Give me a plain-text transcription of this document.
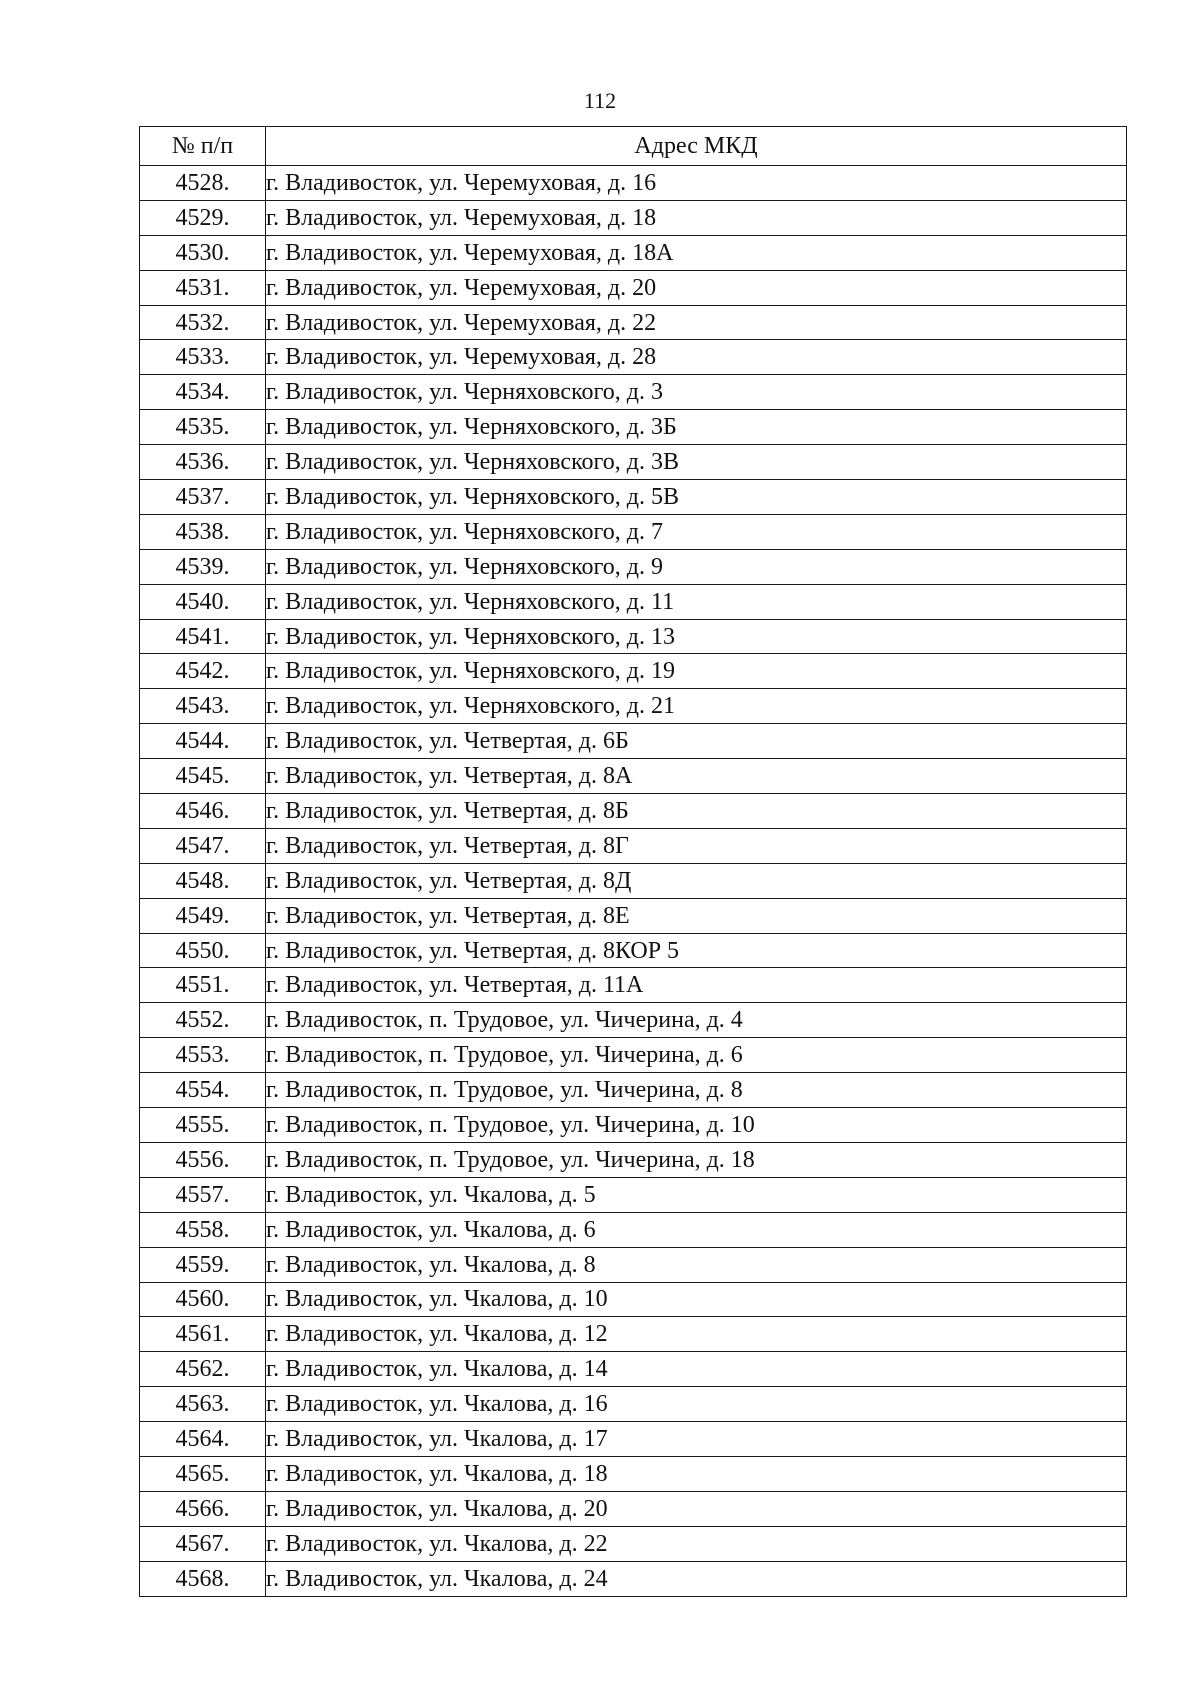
112
№ п/п	Адрес МКД
4528.	г. Владивосток, ул. Черемуховая, д. 16
4529.	г. Владивосток, ул. Черемуховая, д. 18
4530.	г. Владивосток, ул. Черемуховая, д. 18А
4531.	г. Владивосток, ул. Черемуховая, д. 20
4532.	г. Владивосток, ул. Черемуховая, д. 22
4533.	г. Владивосток, ул. Черемуховая, д. 28
4534.	г. Владивосток, ул. Черняховского, д. 3
4535.	г. Владивосток, ул. Черняховского, д. 3Б
4536.	г. Владивосток, ул. Черняховского, д. 3В
4537.	г. Владивосток, ул. Черняховского, д. 5В
4538.	г. Владивосток, ул. Черняховского, д. 7
4539.	г. Владивосток, ул. Черняховского, д. 9
4540.	г. Владивосток, ул. Черняховского, д. 11
4541.	г. Владивосток, ул. Черняховского, д. 13
4542.	г. Владивосток, ул. Черняховского, д. 19
4543.	г. Владивосток, ул. Черняховского, д. 21
4544.	г. Владивосток, ул. Четвертая, д. 6Б
4545.	г. Владивосток, ул. Четвертая, д. 8А
4546.	г. Владивосток, ул. Четвертая, д. 8Б
4547.	г. Владивосток, ул. Четвертая, д. 8Г
4548.	г. Владивосток, ул. Четвертая, д. 8Д
4549.	г. Владивосток, ул. Четвертая, д. 8Е
4550.	г. Владивосток, ул. Четвертая, д. 8КОР 5
4551.	г. Владивосток, ул. Четвертая, д. 11А
4552.	г. Владивосток, п. Трудовое, ул. Чичерина, д. 4
4553.	г. Владивосток, п. Трудовое, ул. Чичерина, д. 6
4554.	г. Владивосток, п. Трудовое, ул. Чичерина, д. 8
4555.	г. Владивосток, п. Трудовое, ул. Чичерина, д. 10
4556.	г. Владивосток, п. Трудовое, ул. Чичерина, д. 18
4557.	г. Владивосток, ул. Чкалова, д. 5
4558.	г. Владивосток, ул. Чкалова, д. 6
4559.	г. Владивосток, ул. Чкалова, д. 8
4560.	г. Владивосток, ул. Чкалова, д. 10
4561.	г. Владивосток, ул. Чкалова, д. 12
4562.	г. Владивосток, ул. Чкалова, д. 14
4563.	г. Владивосток, ул. Чкалова, д. 16
4564.	г. Владивосток, ул. Чкалова, д. 17
4565.	г. Владивосток, ул. Чкалова, д. 18
4566.	г. Владивосток, ул. Чкалова, д. 20
4567.	г. Владивосток, ул. Чкалова, д. 22
4568.	г. Владивосток, ул. Чкалова, д. 24
